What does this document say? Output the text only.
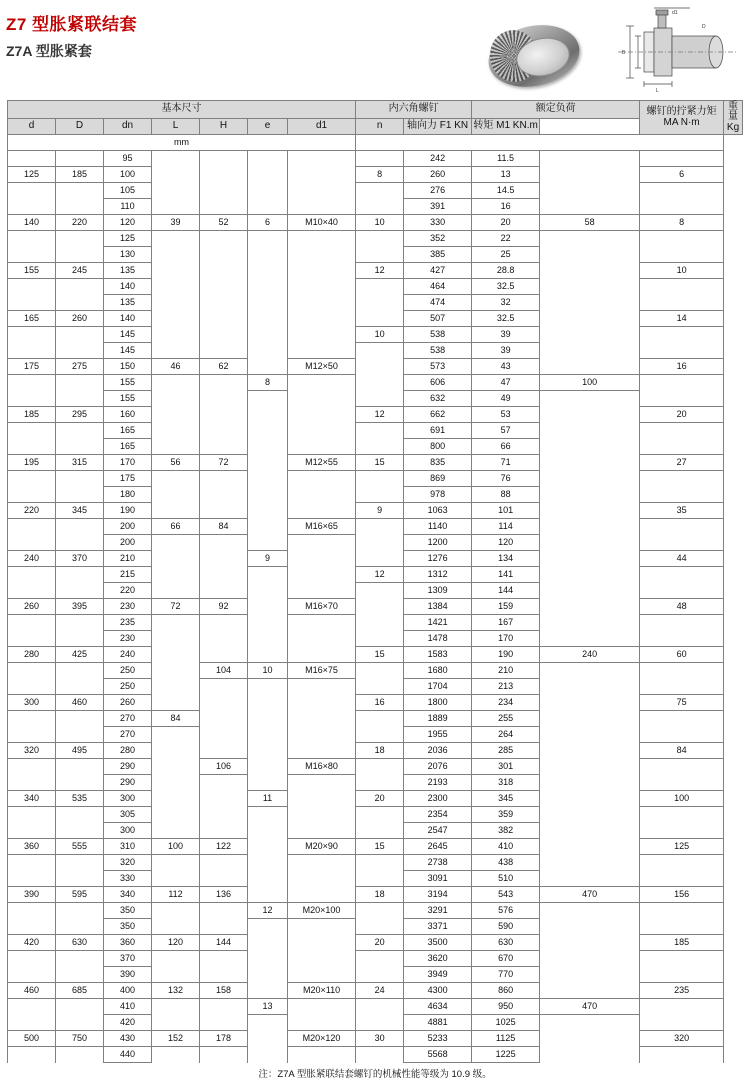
Z7 型胀紧联结套
Z7A 型胀紧套	B
L
d1
D
基本尺寸							内六角螺钉		额定负荷		螺钉的拧紧力矩 MA N·m	重量 Kg
d	D	dn	L	H	e	d1	n	轴向力 F1 KN	转矩 M1 KN.m			
mm												
		95						242	11.5			
125	185	100					8	260	13		6	
		105						276	14.5			
		110						391	16			
140	220	120	39	52	6	M10×40	10	330	20	58	8	
		125						352	22			
		130						385	25			
155	245	135					12	427	28.8		10	
		140						464	32.5			
		135						474	32			
165	260	140						507	32.5		14	
		145					10	538	39			
		145						538	39			
175	275	150	46	62		M12×50		573	43		16	
		155			8			606	47	100		
		155						632	49			
185	295	160					12	662	53		20	
		165						691	57			
		165						800	66			
195	315	170	56	72		M12×55	15	835	71		27	
		175						869	76			
		180						978	88			
220	345	190					9	1063	101		35	
		200	66	84		M16×65		1140	114			
		200						1200	120			
240	370	210			9			1276	134		44	
		215					12	1312	141			
		220						1309	144			
260	395	230	72	92		M16×70		1384	159		48	
		235						1421	167			
		230						1478	170			
280	425	240					15	1583	190	240	60	
		250		104	10	M16×75		1680	210			
		250						1704	213			
300	460	260					16	1800	234		75	
		270	84					1889	255			
		270						1955	264			
320	495	280					18	2036	285		84	
		290		106		M16×80		2076	301			
		290						2193	318			
340	535	300			11		20	2300	345		100	
		305						2354	359			
		300						2547	382			
360	555	310	100	122		M20×90	15	2645	410		125	
		320						2738	438			
		330						3091	510			
390	595	340	112	136			18	3194	543	470	156	
		350			12	M20×100		3291	576			
		350						3371	590			
420	630	360	120	144			20	3500	630		185	
		370						3620	670			
		390						3949	770			
460	685	400	132	158		M20×110	24	4300	860		235	
		410			13			4634	950	470		
		420						4881	1025			
500	750	430	152	178		M20×120	30	5233	1125		320	
		440						5568	1225			
注：Z7A 型胀紧联结套螺钉的机械性能等级为 10.9 级。
